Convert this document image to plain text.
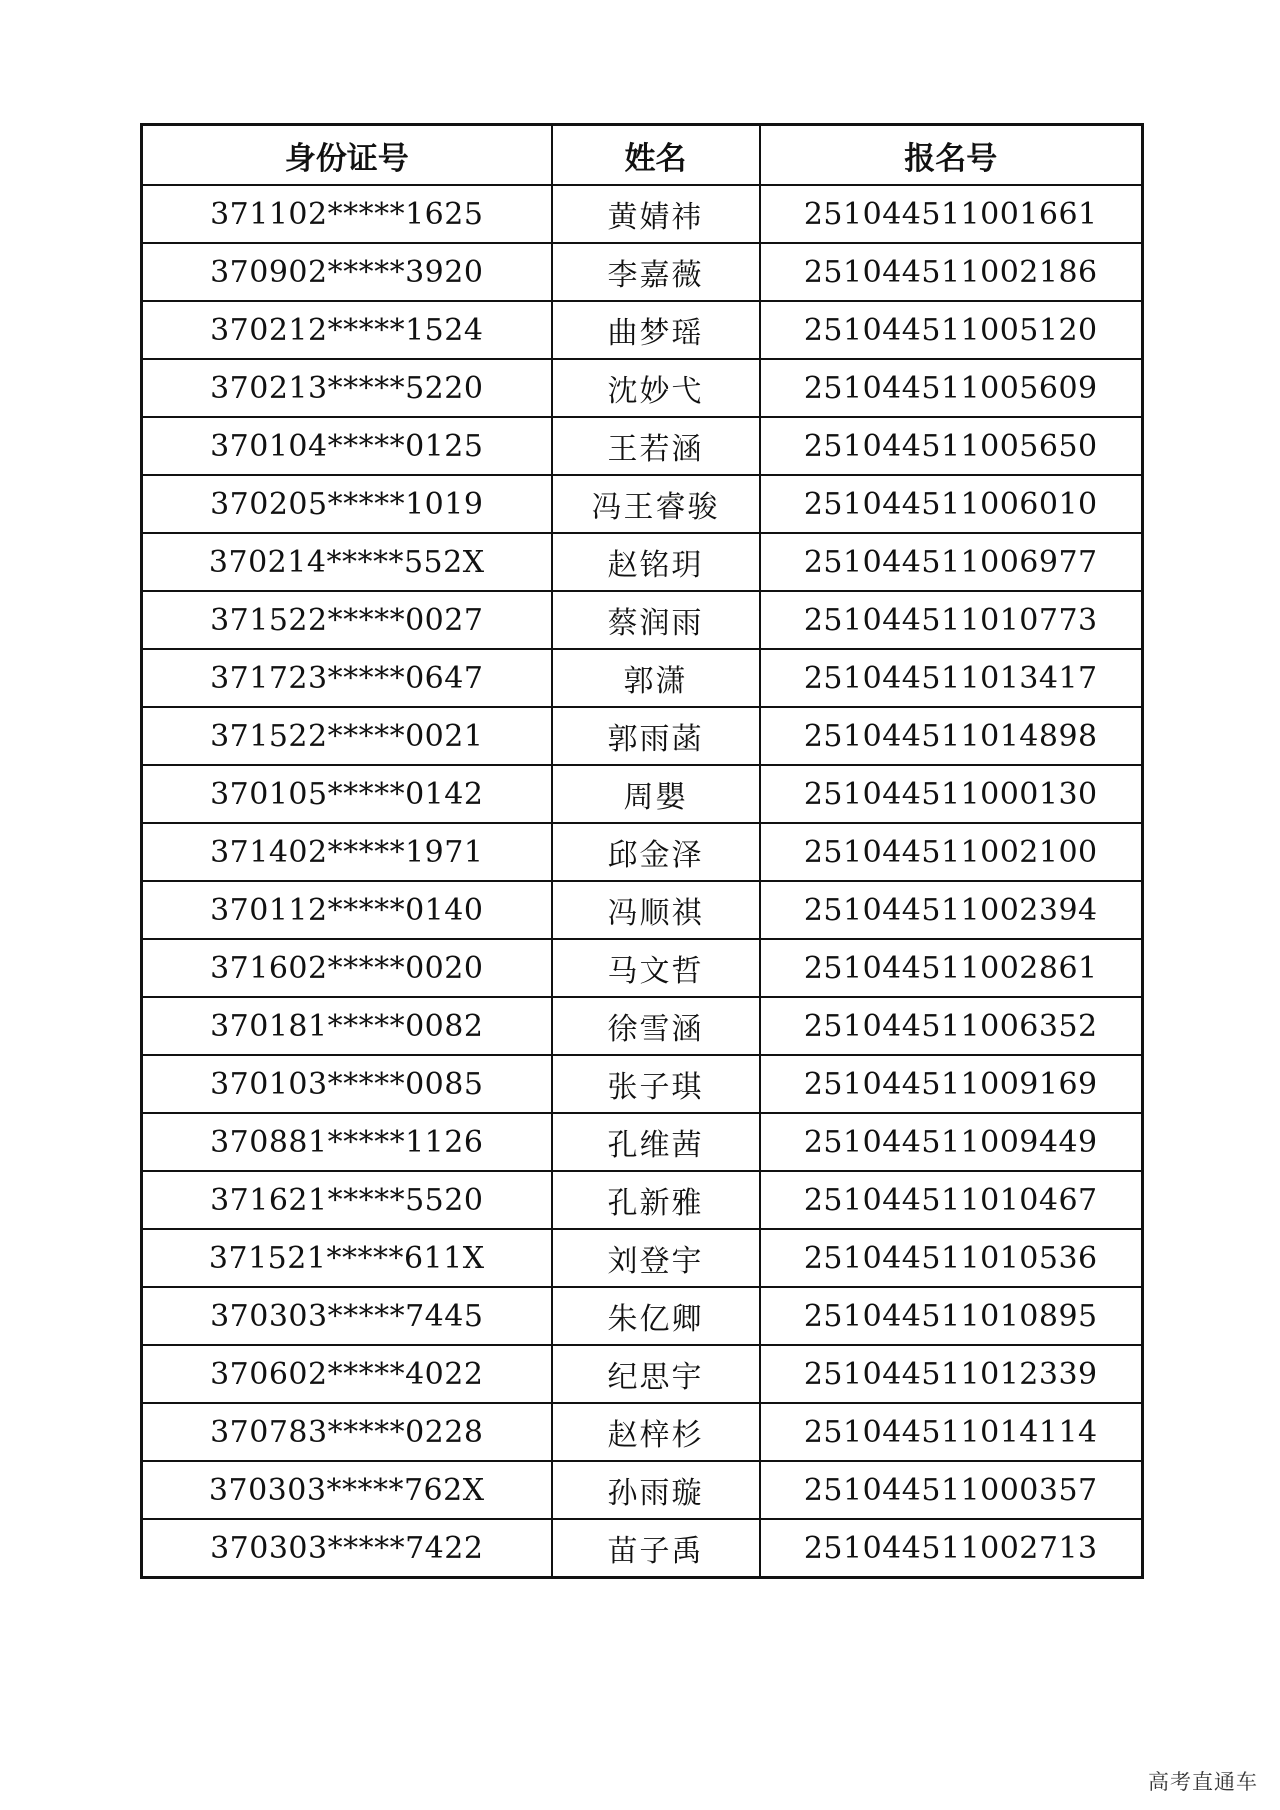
身份证号	姓名	报名号
371102*****1625	黄婧祎	251044511001661
370902*****3920	李嘉薇	251044511002186
370212*****1524	曲梦瑶	251044511005120
370213*****5220	沈妙弋	251044511005609
370104*****0125	王若涵	251044511005650
370205*****1019	冯王睿骏	251044511006010
370214*****552X	赵铭玥	251044511006977
371522*****0027	蔡润雨	251044511010773
371723*****0647	郭潇	251044511013417
371522*****0021	郭雨菡	251044511014898
370105*****0142	周嬰	251044511000130
371402*****1971	邱金泽	251044511002100
370112*****0140	冯顺祺	251044511002394
371602*****0020	马文哲	251044511002861
370181*****0082	徐雪涵	251044511006352
370103*****0085	张子琪	251044511009169
370881*****1126	孔维茜	251044511009449
371621*****5520	孔新雅	251044511010467
371521*****611X	刘登宇	251044511010536
370303*****7445	朱亿卿	251044511010895
370602*****4022	纪思宇	251044511012339
370783*****0228	赵梓杉	251044511014114
370303*****762X	孙雨璇	251044511000357
370303*****7422	苗子禹	251044511002713
高考直通车
